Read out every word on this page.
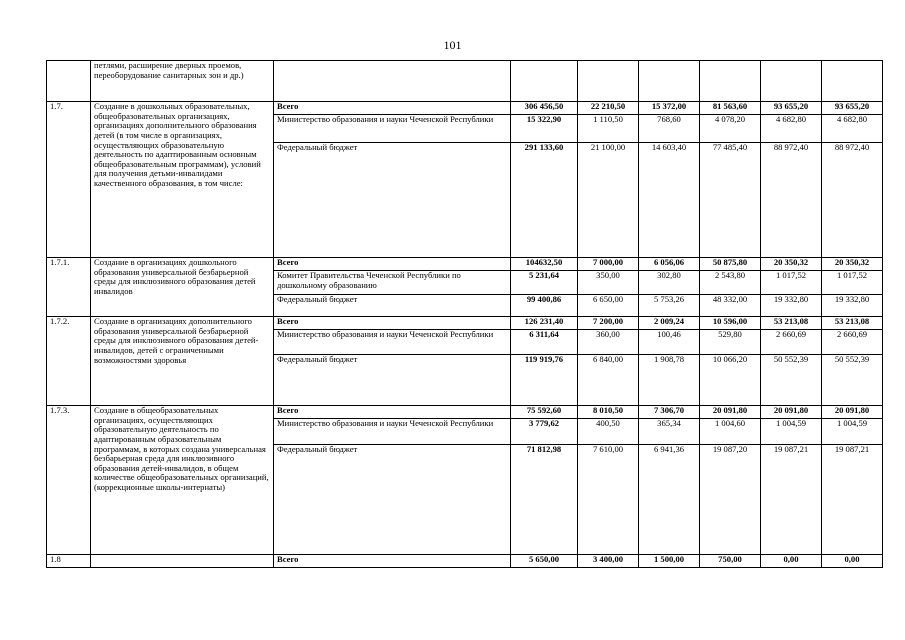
101
	петлями, расширение дверных проемов, переоборудование санитарных зон и др.)							
1.7.	Создание в дошкольных образовательных, общеобразовательных организациях, организациях дополнительного образования детей (в том числе в организациях, осуществляющих образовательную деятельность по адаптированным основным общеобразовательным программам), условий для получения детьми-инвалидами качественного образования, в том числе:	Всего	306 456,50	22 210,50	15 372,00	81 563,60	93 655,20	93 655,20
		Министерство образования и науки Чеченской Республики	15 322,90	1 110,50	768,60	4 078,20	4 682,80	4 682,80
		Федеральный бюджет	291 133,60	21 100,00	14 603,40	77 485,40	88 972,40	88 972,40
1.7.1.	Создание в организациях дошкольного образования универсальной безбарьерной среды для инклюзивного образования детей инвалидов	Всего	104632,50	7 000,00	6 056,06	50 875,80	20 350,32	20 350,32
		Комитет Правительства Чеченской Республики по дошкольному образованию	5 231,64	350,00	302,80	2 543,80	1 017,52	1 017,52
		Федеральный бюджет	99 400,86	6 650,00	5 753,26	48 332,00	19 332,80	19 332,80
1.7.2.	Создание в организациях дополнительного образования универсальной безбарьерной среды для инклюзивного образования детей-инвалидов, детей с ограниченными возможностями здоровья	Всего	126 231,40	7 200,00	2 009,24	10 596,00	53 213,08	53 213,08
		Министерство образования и науки Чеченской Республики	6 311,64	360,00	100,46	529,80	2 660,69	2 660,69
		Федеральный бюджет	119 919,76	6 840,00	1 908,78	10 066,20	50 552,39	50 552,39
1.7.3.	Создание в общеобразовательных организациях, осуществляющих образовательную деятельность по адаптированным образовательным программам, в которых создана универсальная безбарьерная среда для инклюзивного образования детей-инвалидов, в общем количестве общеобразовательных организаций, (коррекционные школы-интернаты)	Всего	75 592,60	8 010,50	7 306,70	20 091,80	20 091,80	20 091,80
		Министерство образования и науки Чеченской Республики	3 779,62	400,50	365,34	1 004,60	1 004,59	1 004,59
		Федеральный бюджет	71 812,98	7 610,00	6 941,36	19 087,20	19 087,21	19 087,21
1.8		Всего	5 650,00	3 400,00	1 500,00	750,00	0,00	0,00
